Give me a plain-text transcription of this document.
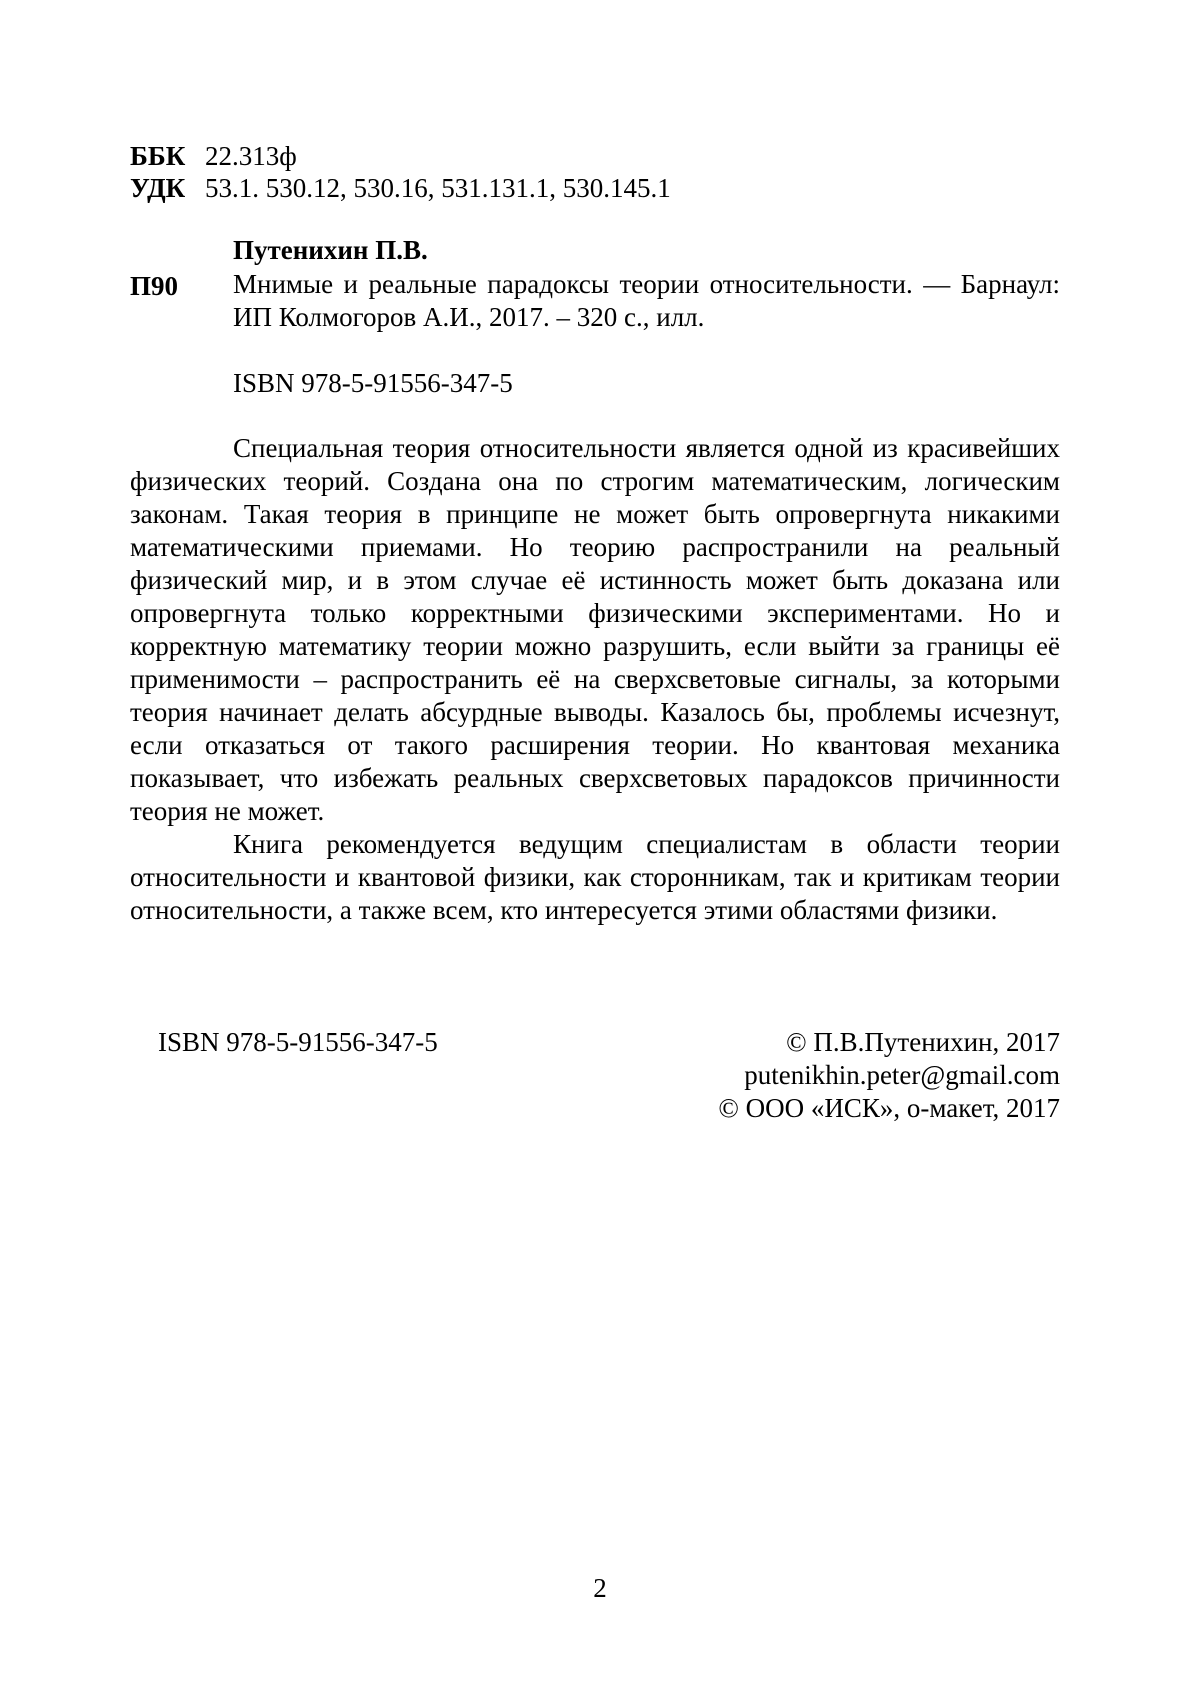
ББК 22.313ф
УДК 53.1. 530.12, 530.16, 531.131.1, 530.145.1
Путенихин П.В.
П90 Мнимые и реальные парадоксы теории относительности. — Барнаул: ИП Колмогоров А.И., 2017. – 320 с., илл.
ISBN 978-5-91556-347-5

Специальная теория относительности является одной из красивейших физических теорий. Создана она по строгим математическим, логическим законам. Такая теория в принципе не может быть опровергнута никакими математическими приемами. Но теорию распространили на реальный физический мир, и в этом случае её истинность может быть доказана или опровергнута только корректными физическими экспериментами. Но и корректную математику теории можно разрушить, если выйти за границы её применимости – распространить её на сверхсветовые сигналы, за которыми теория начинает делать абсурдные выводы. Казалось бы, проблемы исчезнут, если отказаться от такого расширения теории. Но квантовая механика показывает, что избежать реальных сверхсветовых парадоксов причинности теория не может.

Книга рекомендуется ведущим специалистам в области теории относительности и квантовой физики, как сторонникам, так и критикам теории относительности, а также всем, кто интересуется этими областями физики.

ISBN 978-5-91556-347-5	© П.В.Путенихин, 2017
putenikhin.peter@gmail.com
© ООО «ИСК», о-макет, 2017
2
